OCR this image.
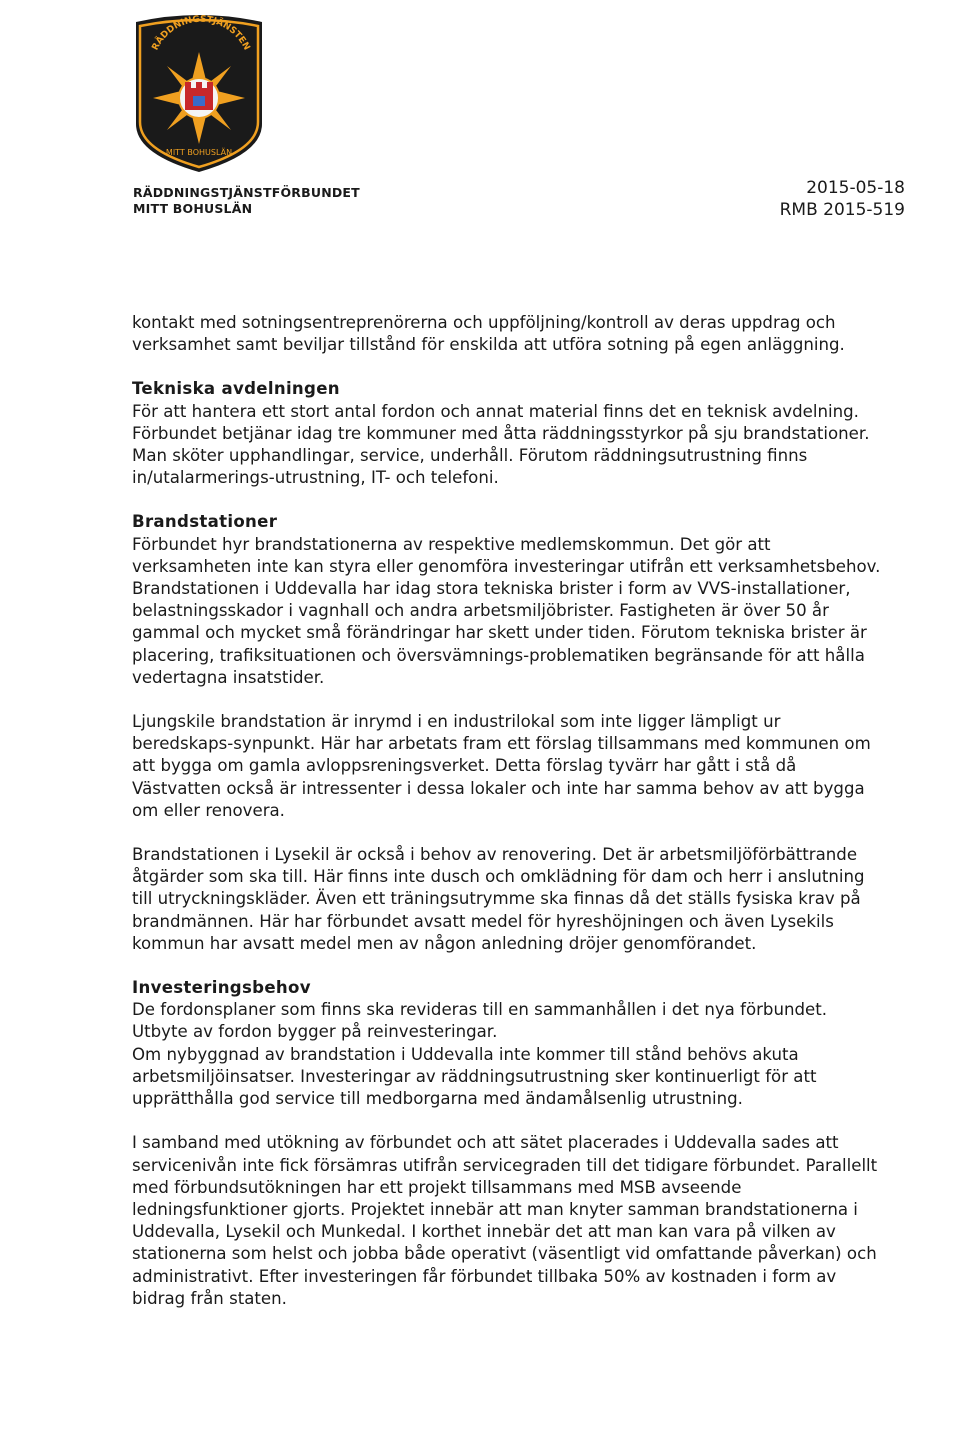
RÄDDNINGSTJÄNSTEN
MITT BOHUSLÄN
RÄDDNINGSTJÄNSTFÖRBUNDET
MITT BOHUSLÄN
2015-05-18
RMB 2015-519
kontakt med sotningsentreprenörerna och uppföljning/kontroll av deras uppdrag och
verksamhet samt beviljar tillstånd för enskilda att utföra sotning på egen anläggning.
Tekniska avdelningen
För att hantera ett stort antal fordon och annat material finns det en teknisk avdelning.
Förbundet betjänar idag tre kommuner med åtta räddningsstyrkor på sju brandstationer.
Man sköter upphandlingar, service, underhåll. Förutom räddningsutrustning finns
in/utalarmerings-utrustning, IT- och telefoni.
Brandstationer
Förbundet hyr brandstationerna av respektive medlemskommun. Det gör att
verksamheten inte kan styra eller genomföra investeringar utifrån ett verksamhetsbehov.
Brandstationen i Uddevalla har idag stora tekniska brister i form av VVS-installationer,
belastningsskador i vagnhall och andra arbetsmiljöbrister. Fastigheten är över 50 år
gammal och mycket små förändringar har skett under tiden. Förutom tekniska brister är
placering, trafiksituationen och översvämnings-problematiken begränsande för att hålla
vedertagna insatstider.
Ljungskile brandstation är inrymd i en industrilokal som inte ligger lämpligt ur
beredskaps-synpunkt. Här har arbetats fram ett förslag tillsammans med kommunen om
att bygga om gamla avloppsreningsverket. Detta förslag tyvärr har gått i stå då
Västvatten också är intressenter i dessa lokaler och inte har samma behov av att bygga
om eller renovera.
Brandstationen i Lysekil är också i behov av renovering. Det är arbetsmiljöförbättrande
åtgärder som ska till. Här finns inte dusch och omklädning för dam och herr i anslutning
till utryckningskläder. Även ett träningsutrymme ska finnas då det ställs fysiska krav på
brandmännen. Här har förbundet avsatt medel för hyreshöjningen och även Lysekils
kommun har avsatt medel men av någon anledning dröjer genomförandet.
Investeringsbehov
De fordonsplaner som finns ska revideras till en sammanhållen i det nya förbundet.
Utbyte av fordon bygger på reinvesteringar.
Om nybyggnad av brandstation i Uddevalla inte kommer till stånd behövs akuta
arbetsmiljöinsatser. Investeringar av räddningsutrustning sker kontinuerligt för att
upprätthålla god service till medborgarna med ändamålsenlig utrustning.
I samband med utökning av förbundet och att sätet placerades i Uddevalla sades att
servicenivån inte fick försämras utifrån servicegraden till det tidigare förbundet. Parallellt
med förbundsutökningen har ett projekt tillsammans med MSB avseende
ledningsfunktioner gjorts. Projektet innebär att man knyter samman brandstationerna i
Uddevalla, Lysekil och Munkedal. I korthet innebär det att man kan vara på vilken av
stationerna som helst och jobba både operativt (väsentligt vid omfattande påverkan) och
administrativt. Efter investeringen får förbundet tillbaka 50% av kostnaden i form av
bidrag från staten.
